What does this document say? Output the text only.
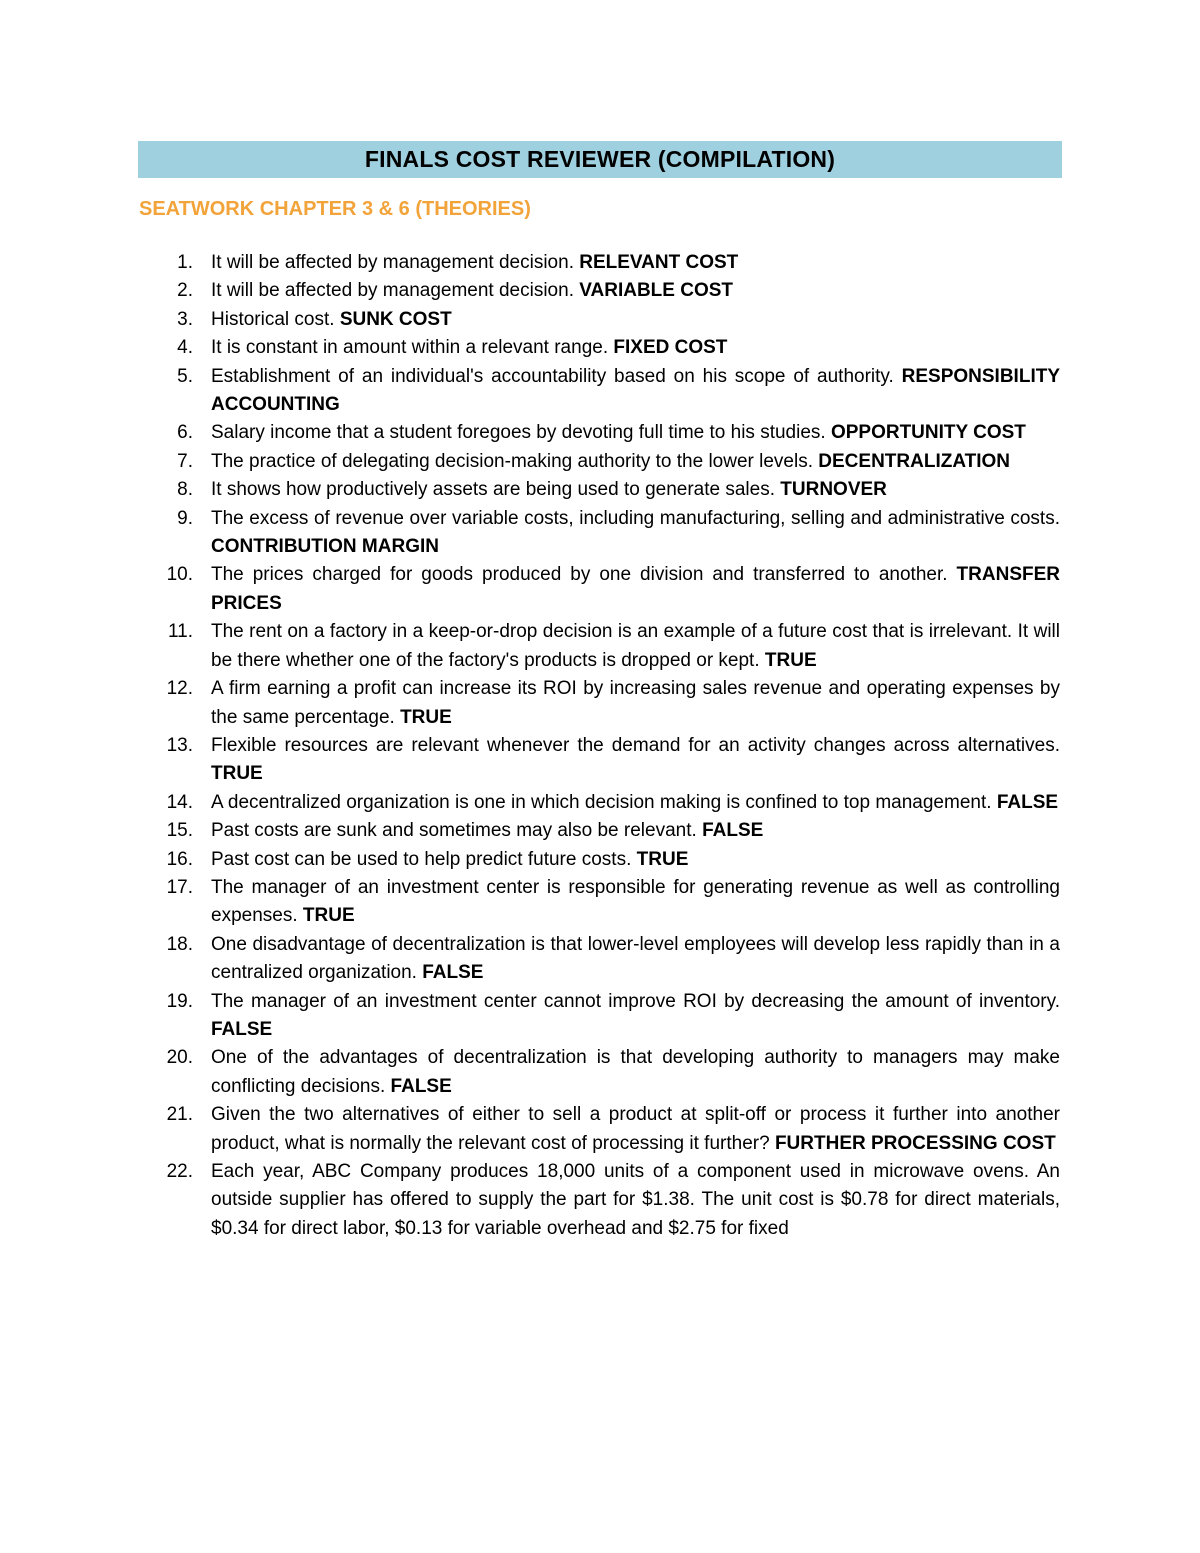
FINALS COST REVIEWER (COMPILATION)
SEATWORK CHAPTER 3 & 6 (THEORIES)
1. It will be affected by management decision. RELEVANT COST
2. It will be affected by management decision. VARIABLE COST
3. Historical cost. SUNK COST
4. It is constant in amount within a relevant range. FIXED COST
5. Establishment of an individual's accountability based on his scope of authority. RESPONSIBILITY ACCOUNTING
6. Salary income that a student foregoes by devoting full time to his studies. OPPORTUNITY COST
7. The practice of delegating decision-making authority to the lower levels. DECENTRALIZATION
8. It shows how productively assets are being used to generate sales. TURNOVER
9. The excess of revenue over variable costs, including manufacturing, selling and administrative costs. CONTRIBUTION MARGIN
10. The prices charged for goods produced by one division and transferred to another. TRANSFER PRICES
11. The rent on a factory in a keep-or-drop decision is an example of a future cost that is irrelevant. It will be there whether one of the factory's products is dropped or kept. TRUE
12. A firm earning a profit can increase its ROI by increasing sales revenue and operating expenses by the same percentage. TRUE
13. Flexible resources are relevant whenever the demand for an activity changes across alternatives. TRUE
14. A decentralized organization is one in which decision making is confined to top management. FALSE
15. Past costs are sunk and sometimes may also be relevant. FALSE
16. Past cost can be used to help predict future costs. TRUE
17. The manager of an investment center is responsible for generating revenue as well as controlling expenses. TRUE
18. One disadvantage of decentralization is that lower-level employees will develop less rapidly than in a centralized organization. FALSE
19. The manager of an investment center cannot improve ROI by decreasing the amount of inventory. FALSE
20. One of the advantages of decentralization is that developing authority to managers may make conflicting decisions. FALSE
21. Given the two alternatives of either to sell a product at split-off or process it further into another product, what is normally the relevant cost of processing it further? FURTHER PROCESSING COST
22. Each year, ABC Company produces 18,000 units of a component used in microwave ovens. An outside supplier has offered to supply the part for $1.38. The unit cost is $0.78 for direct materials, $0.34 for direct labor, $0.13 for variable overhead and $2.75 for fixed
